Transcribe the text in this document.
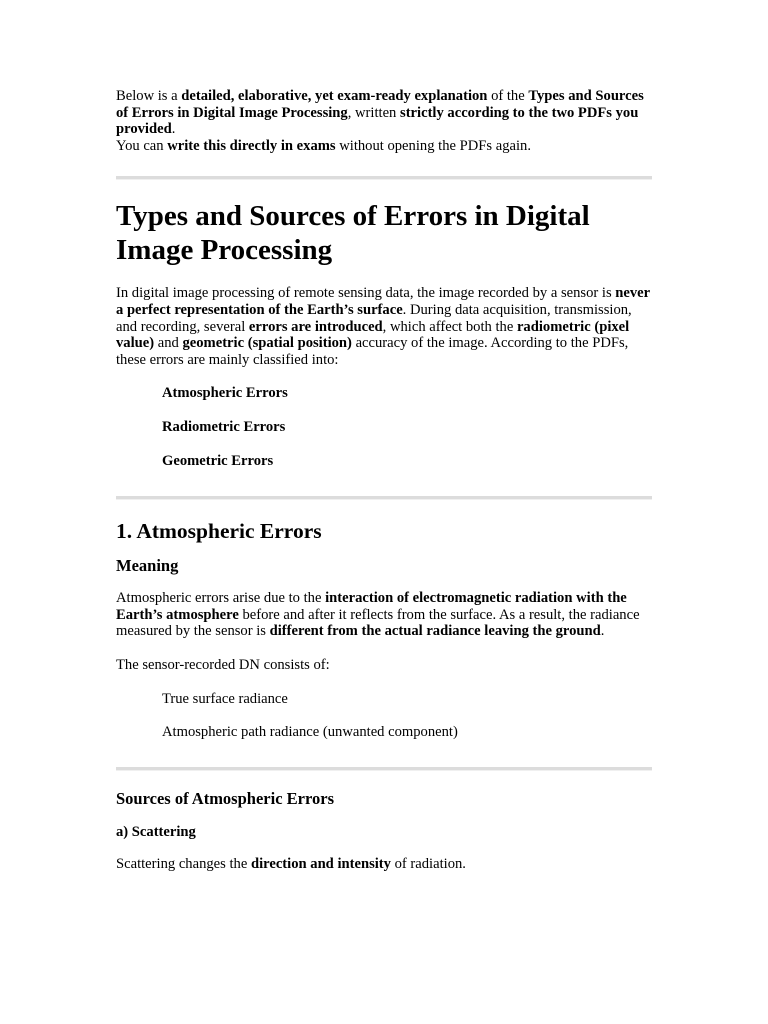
Below is a detailed, elaborative, yet exam-ready explanation of the Types and Sources of Errors in Digital Image Processing, written strictly according to the two PDFs you provided.

You can write this directly in exams without opening the PDFs again.

Types and Sources of Errors in Digital Image Processing

In digital image processing of remote sensing data, the image recorded by a sensor is never a perfect representation of the Earth’s surface. During data acquisition, transmission, and recording, several errors are introduced, which affect both the radiometric (pixel value) and geometric (spatial position) accuracy of the image. According to the PDFs, these errors are mainly classified into:

Atmospheric Errors

Radiometric Errors

Geometric Errors

1. Atmospheric Errors
Meaning

Atmospheric errors arise due to the interaction of electromagnetic radiation with the Earth’s atmosphere before and after it reflects from the surface. As a result, the radiance measured by the sensor is different from the actual radiance leaving the ground.

The sensor-recorded DN consists of:

True surface radiance

Atmospheric path radiance (unwanted component)

Sources of Atmospheric Errors
a) Scattering

Scattering changes the direction and intensity of radiation.
